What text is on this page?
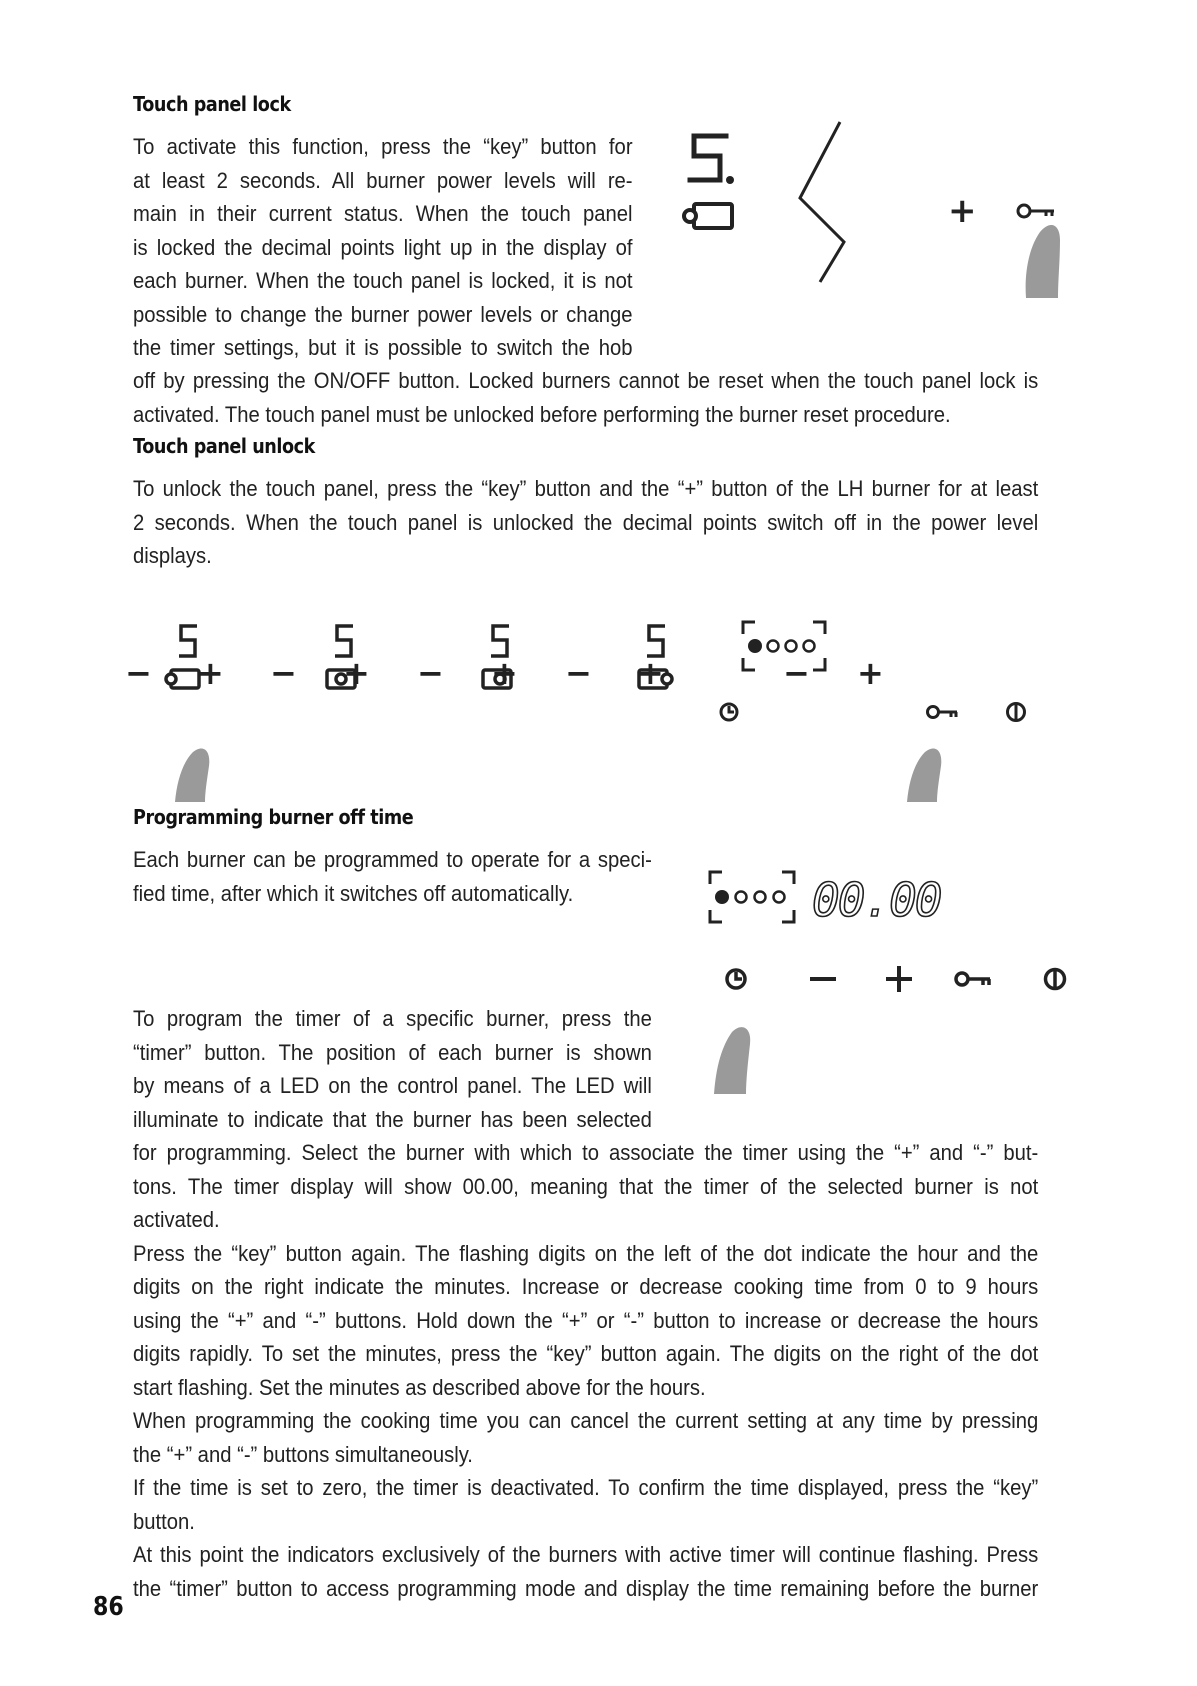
Touch panel lock
To activate this function, press the “key” button for
at least 2 seconds. All burner power levels will re-
main in their current status. When the touch panel
is locked the decimal points light up in the display of
each burner. When the touch panel is locked, it is not
possible to change the burner power levels or change
the timer settings, but it is possible to switch the hob
off by pressing the ON/OFF button. Locked burners cannot be reset when the touch panel lock is
activated. The touch panel must be unlocked before performing the burner reset procedure.
+
Touch panel unlock
To unlock the touch panel, press the “key” button and the “+” button of the LH burner for at least
2 seconds. When the touch panel is unlocked the decimal points switch off in the power level
displays.
− + − + − + − +	− +
Programming burner off time
Each burner can be programmed to operate for a speci-
fied time, after which it switches off automatically.
To program the timer of a specific burner, press the
“timer” button. The position of each burner is shown
by means of a LED on the control panel. The LED will
illuminate to indicate that the burner has been selected
for programming. Select the burner with which to associate the timer using the “+” and “-” but-
tons. The timer display will show 00.00, meaning that the timer of the selected burner is not
activated.
Press the “key” button again. The flashing digits on the left of the dot indicate the hour and the
digits on the right indicate the minutes. Increase or decrease cooking time from 0 to 9 hours
using the “+” and “-” buttons. Hold down the “+” or “-” button to increase or decrease the hours
digits rapidly. To set the minutes, press the “key” button again. The digits on the right of the dot
start flashing. Set the minutes as described above for the hours.
When programming the cooking time you can cancel the current setting at any time by pressing
the “+” and “-” buttons simultaneously.
If the time is set to zero, the timer is deactivated. To confirm the time displayed, press the “key”
button.
At this point the indicators exclusively of the burners with active timer will continue flashing. Press
the “timer” button to access programming mode and display the time remaining before the burner
00.00
86
